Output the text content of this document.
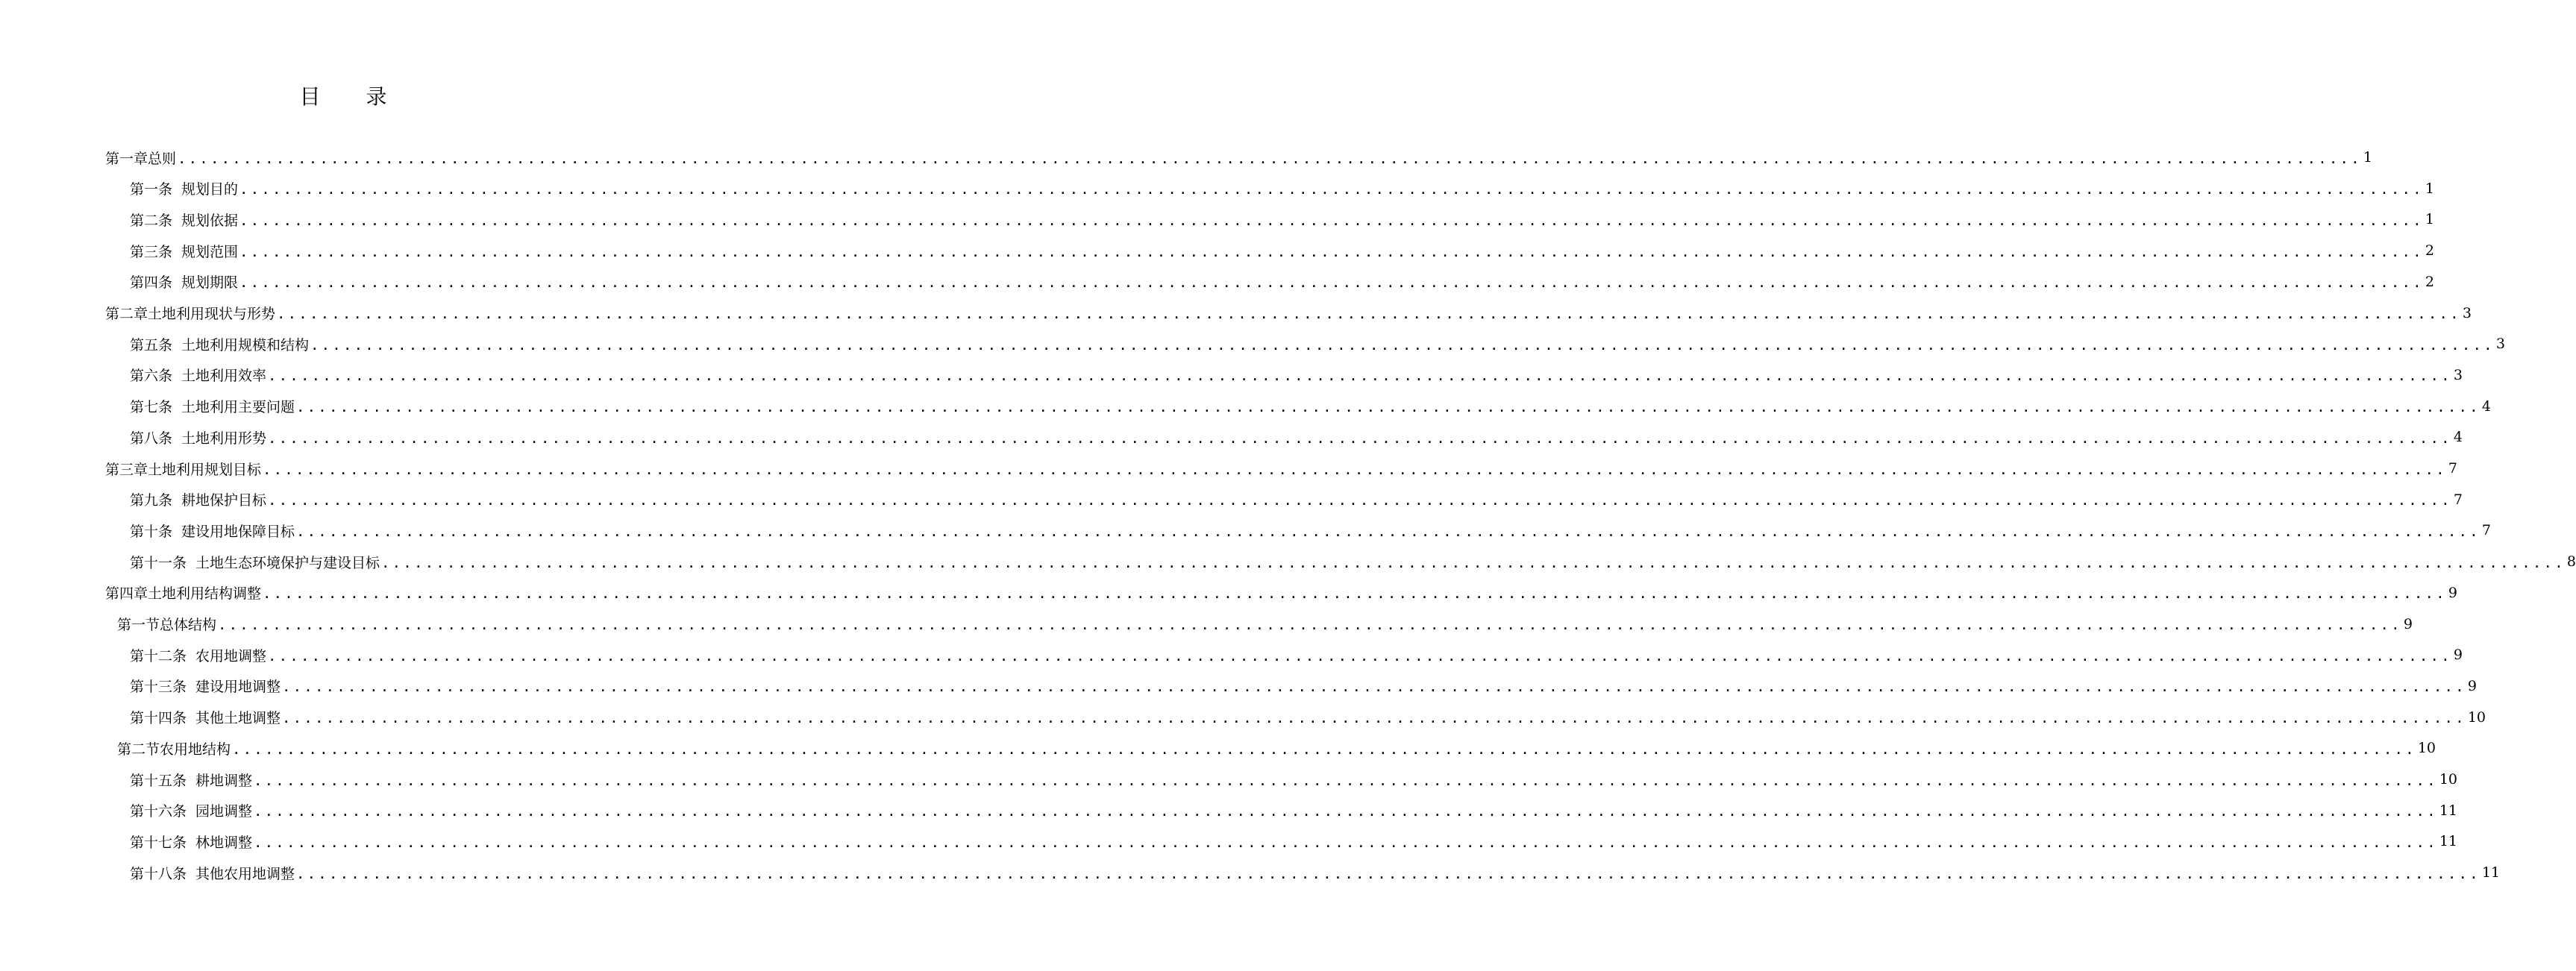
目 录
第一章 总则 ........................................................................................................................................................................................................ 1
第一条 规划目的 ........................................................................................................................................................................................................ 1
第二条 规划依据 ........................................................................................................................................................................................................ 1
第三条 规划范围 ........................................................................................................................................................................................................ 2
第四条 规划期限 ........................................................................................................................................................................................................ 2
第二章 土地利用现状与形势 ........................................................................................................................................................................................................ 3
第五条 土地利用规模和结构 ........................................................................................................................................................................................................ 3
第六条 土地利用效率 ........................................................................................................................................................................................................ 3
第七条 土地利用主要问题 ........................................................................................................................................................................................................ 4
第八条 土地利用形势 ........................................................................................................................................................................................................ 4
第三章 土地利用规划目标 ........................................................................................................................................................................................................ 7
第九条 耕地保护目标 ........................................................................................................................................................................................................ 7
第十条 建设用地保障目标 ........................................................................................................................................................................................................ 7
第十一条 土地生态环境保护与建设目标 ........................................................................................................................................................................................................ 8
第四章 土地利用结构调整 ........................................................................................................................................................................................................ 9
第一节 总体结构 ........................................................................................................................................................................................................ 9
第十二条 农用地调整 ........................................................................................................................................................................................................ 9
第十三条 建设用地调整 ........................................................................................................................................................................................................ 9
第十四条 其他土地调整 ........................................................................................................................................................................................................ 10
第二节 农用地结构 ........................................................................................................................................................................................................ 10
第十五条 耕地调整 ........................................................................................................................................................................................................ 10
第十六条 园地调整 ........................................................................................................................................................................................................ 11
第十七条 林地调整 ........................................................................................................................................................................................................ 11
第十八条 其他农用地调整 ........................................................................................................................................................................................................ 11
